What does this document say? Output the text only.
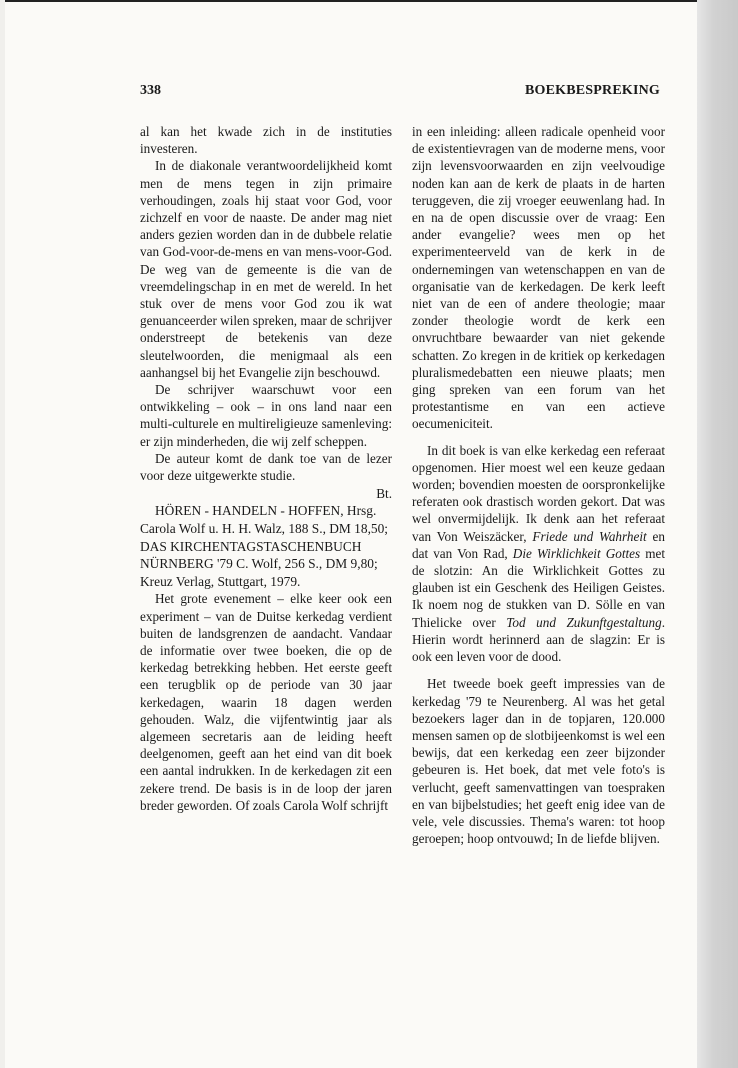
338	BOEKBESPREKING

al kan het kwade zich in de instituties investeren.

In de diakonale verantwoordelijkheid komt men de mens tegen in zijn primaire verhoudingen, zoals hij staat voor God, voor zichzelf en voor de naaste. De ander mag niet anders gezien worden dan in de dubbele relatie van God-voor-de-mens en van mens-voor-God. De weg van de gemeente is die van de vreemdelingschap in en met de wereld. In het stuk over de mens voor God zou ik wat genuanceerder wilen spreken, maar de schrijver onderstreept de betekenis van deze sleutelwoorden, die menigmaal als een aanhangsel bij het Evangelie zijn beschouwd.

De schrijver waarschuwt voor een ontwikkeling – ook – in ons land naar een multi-culturele en multireligieuze samenleving: er zijn minderheden, die wij zelf scheppen.

De auteur komt de dank toe van de lezer voor deze uitgewerkte studie.

Bt.

HÖREN - HANDELN - HOFFEN, Hrsg. Carola Wolf u. H. H. Walz, 188 S., DM 18,50; DAS KIRCHENTAGSTASCHENBUCH NÜRNBERG '79 C. Wolf, 256 S., DM 9,80; Kreuz Verlag, Stuttgart, 1979.

Het grote evenement – elke keer ook een experiment – van de Duitse kerkedag verdient buiten de landsgrenzen de aandacht. Vandaar de informatie over twee boeken, die op de kerkedag betrekking hebben. Het eerste geeft een terugblik op de periode van 30 jaar kerkedagen, waarin 18 dagen werden gehouden. Walz, die vijfentwintig jaar als algemeen secretaris aan de leiding heeft deelgenomen, geeft aan het eind van dit boek een aantal indrukken. In de kerkedagen zit een zekere trend. De basis is in de loop der jaren breder geworden. Of zoals Carola Wolf schrijft

in een inleiding: alleen radicale openheid voor de existentievragen van de moderne mens, voor zijn levensvoorwaarden en zijn veelvoudige noden kan aan de kerk de plaats in de harten teruggeven, die zij vroeger eeuwenlang had. In en na de open discussie over de vraag: Een ander evangelie? wees men op het experimenteerveld van de kerk in de ondernemingen van wetenschappen en van de organisatie van de kerkedagen. De kerk leeft niet van de een of andere theologie; maar zonder theologie wordt de kerk een onvruchtbare bewaarder van niet gekende schatten. Zo kregen in de kritiek op kerkedagen pluralismedebatten een nieuwe plaats; men ging spreken van een forum van het protestantisme en van een actieve oecumeniciteit.

In dit boek is van elke kerkedag een referaat opgenomen. Hier moest wel een keuze gedaan worden; bovendien moesten de oorspronkelijke referaten ook drastisch worden gekort. Dat was wel onvermijdelijk. Ik denk aan het referaat van Von Weiszäcker, Friede und Wahrheit en dat van Von Rad, Die Wirklichkeit Gottes met de slotzin: An die Wirklichkeit Gottes zu glauben ist ein Geschenk des Heiligen Geistes. Ik noem nog de stukken van D. Sölle en van Thielicke over Tod und Zukunftgestaltung. Hierin wordt herinnerd aan de slagzin: Er is ook een leven voor de dood.

Het tweede boek geeft impressies van de kerkedag '79 te Neurenberg. Al was het getal bezoekers lager dan in de topjaren, 120.000 mensen samen op de slotbijeenkomst is wel een bewijs, dat een kerkedag een zeer bijzonder gebeuren is. Het boek, dat met vele foto's is verlucht, geeft samenvattingen van toespraken en van bijbelstudies; het geeft enig idee van de vele, vele discussies. Thema's waren: tot hoop geroepen; hoop ontvouwd; In de liefde blijven.
